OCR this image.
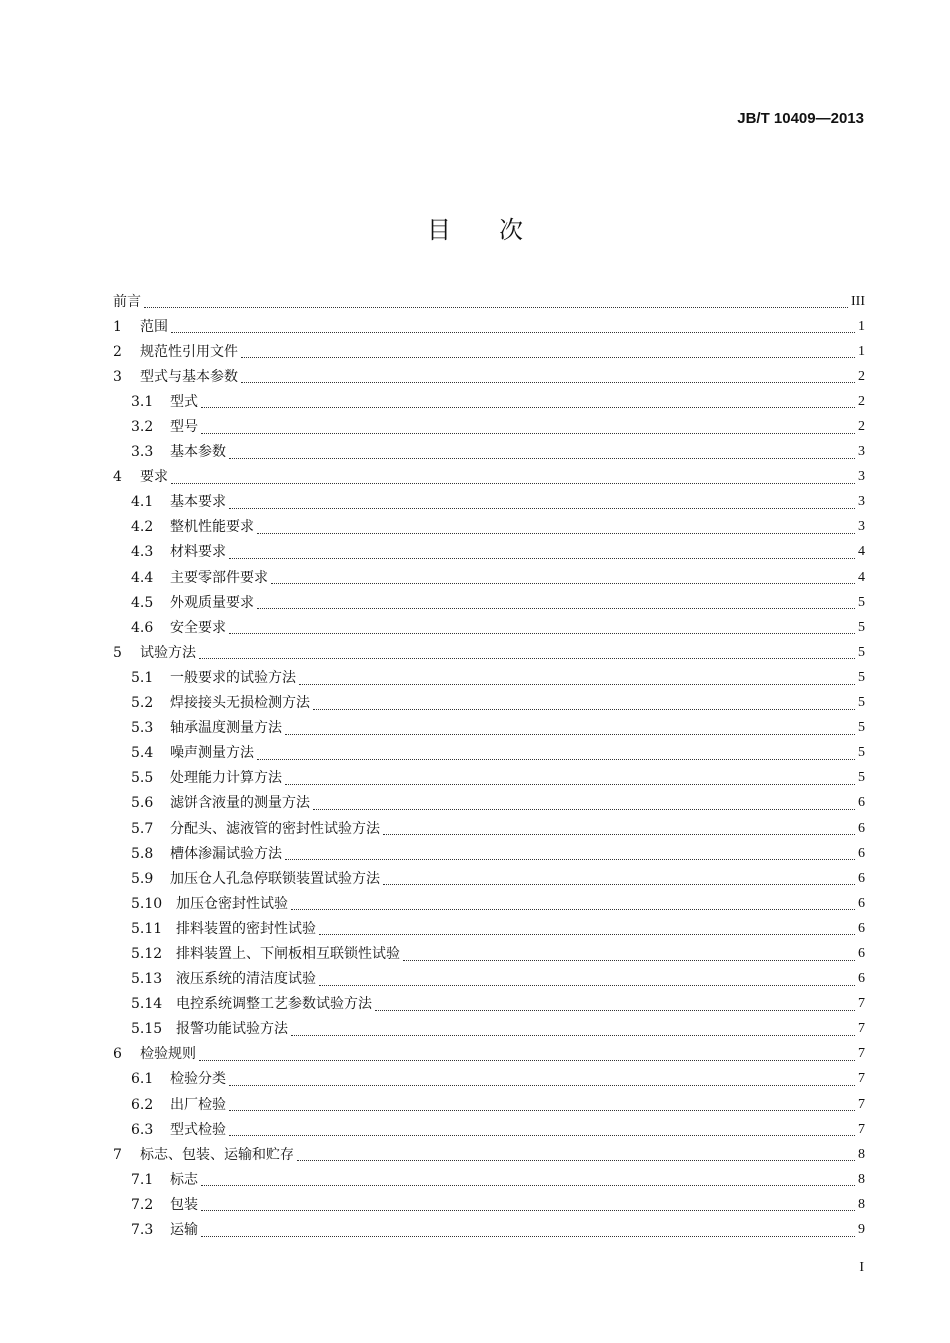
JB/T 10409—2013
目次
前言	III
1	范围	1
2	规范性引用文件	1
3	型式与基本参数	2
3.1	型式	2
3.2	型号	2
3.3	基本参数	3
4	要求	3
4.1	基本要求	3
4.2	整机性能要求	3
4.3	材料要求	4
4.4	主要零部件要求	4
4.5	外观质量要求	5
4.6	安全要求	5
5	试验方法	5
5.1	一般要求的试验方法	5
5.2	焊接接头无损检测方法	5
5.3	轴承温度测量方法	5
5.4	噪声测量方法	5
5.5	处理能力计算方法	5
5.6	滤饼含液量的测量方法	6
5.7	分配头、滤液管的密封性试验方法	6
5.8	槽体渗漏试验方法	6
5.9	加压仓人孔急停联锁装置试验方法	6
5.10 加压仓密封性试验	6
5.11 排料装置的密封性试验	6
5.12 排料装置上、下闸板相互联锁性试验	6
5.13 液压系统的清洁度试验	6
5.14 电控系统调整工艺参数试验方法	7
5.15 报警功能试验方法	7
6	检验规则	7
6.1	检验分类	7
6.2	出厂检验	7
6.3	型式检验	7
7	标志、包装、运输和贮存	8
7.1	标志	8
7.2	包装	8
7.3	运输	9
I
